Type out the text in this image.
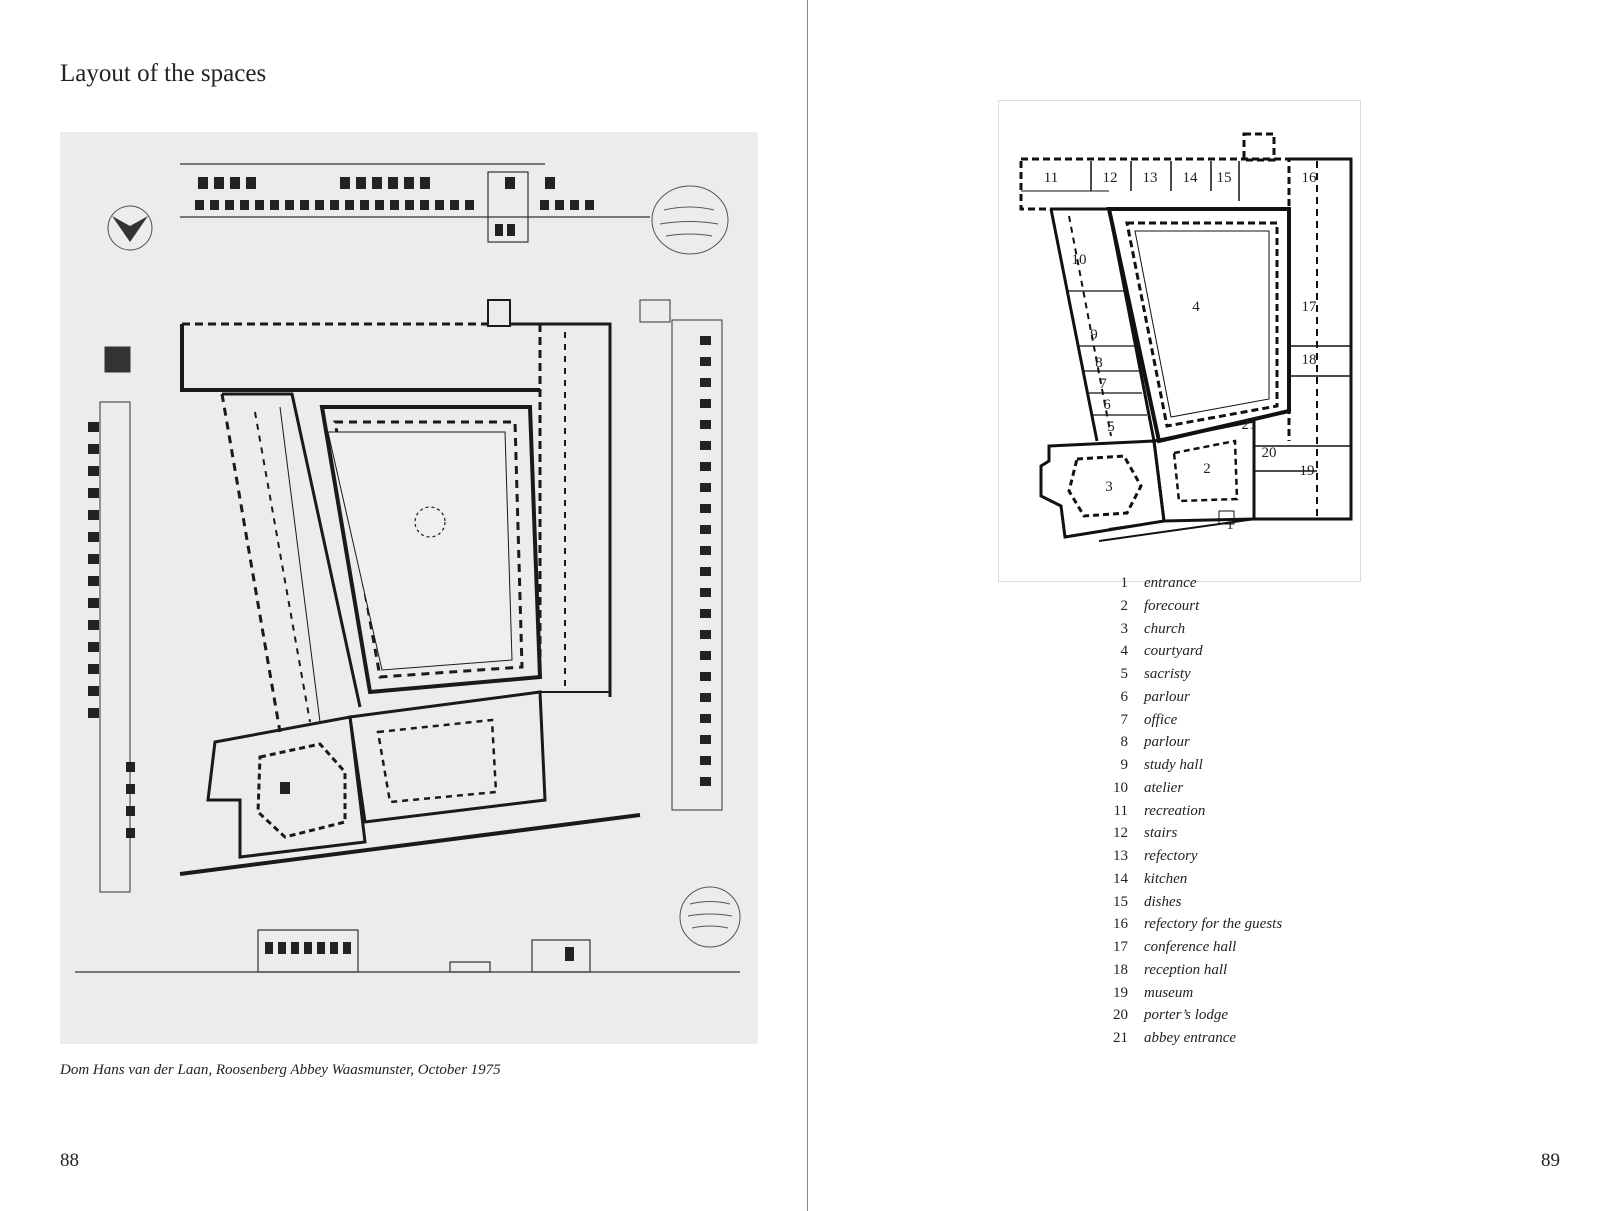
Layout of the spaces
Dom Hans van der Laan, Roosenberg Abbey Waasmunster, October 1975
88
1
2
3
4
5
6
7
8
9
10
11	12 13 14 15	16
17
18
19
20
21
1 entrance
2 forecourt
3 church
4 courtyard
5 sacristy
6 parlour
7 office
8 parlour
9 study hall
10 atelier
11 recreation
12 stairs
13 refectory
14 kitchen
15 dishes
16 refectory for the guests
17 conference hall
18 reception hall
19 museum
20 porter’s lodge
21 abbey entrance
89
